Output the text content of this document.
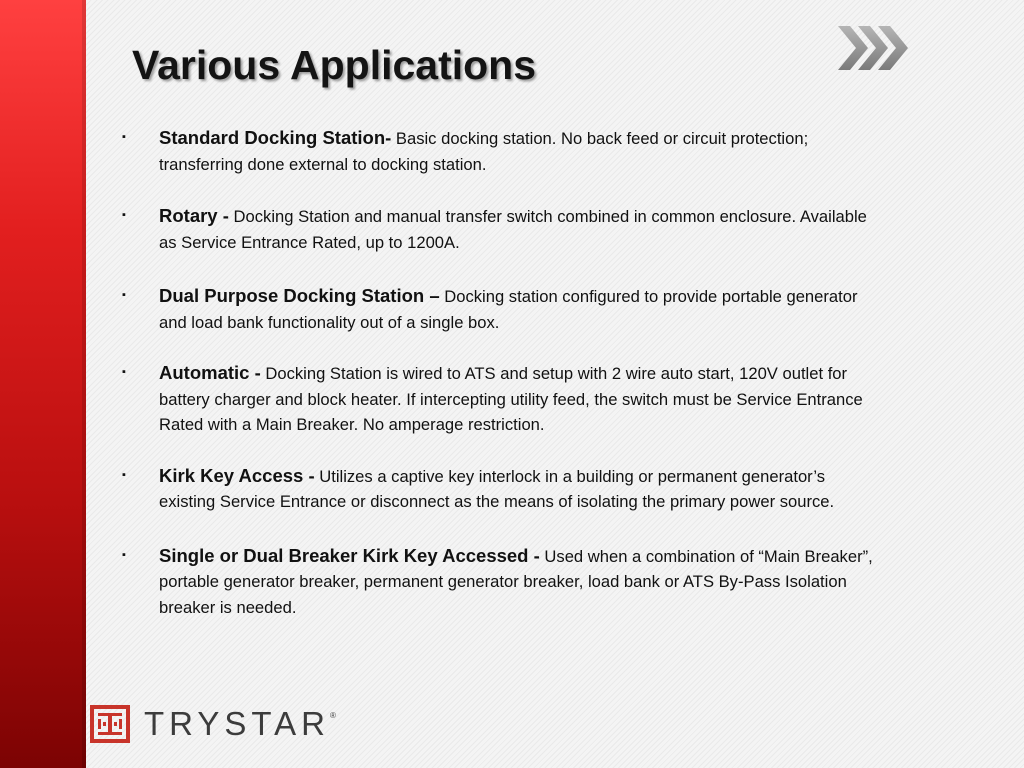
Various Applications
▪ Standard Docking Station- Basic docking station. No back feed or circuit protection; transferring done external to docking station.
▪ Rotary - Docking Station and manual transfer switch combined in common enclosure. Available as Service Entrance Rated, up to 1200A.
▪ Dual Purpose Docking Station – Docking station configured to provide portable generator and load bank functionality out of a single box.
▪ Automatic - Docking Station is wired to ATS and setup with 2 wire auto start, 120V outlet for battery charger and block heater. If intercepting utility feed, the switch must be Service Entrance Rated with a Main Breaker. No amperage restriction.
▪ Kirk Key Access - Utilizes a captive key interlock in a building or permanent generator’s existing Service Entrance or disconnect as the means of isolating the primary power source.
▪ Single or Dual Breaker Kirk Key Accessed - Used when a combination of “Main Breaker”, portable generator breaker, permanent generator breaker, load bank or ATS By-Pass Isolation breaker is needed.
TRYSTAR ®
